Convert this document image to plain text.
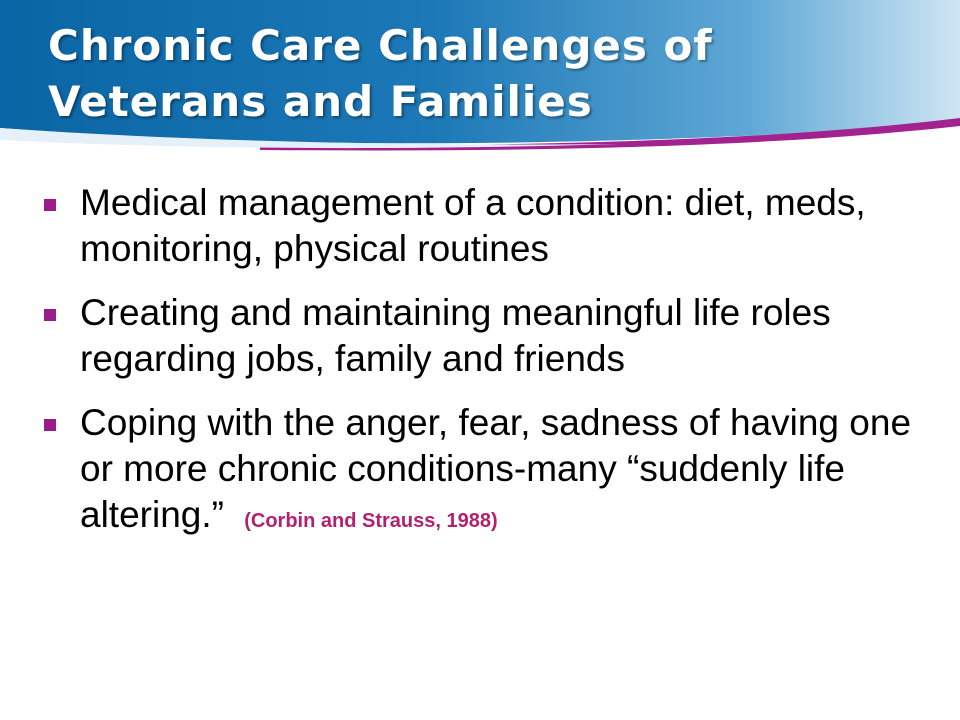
Chronic Care Challenges of Veterans and Families
Medical management of a condition: diet, meds, monitoring, physical routines
Creating and maintaining meaningful life roles regarding jobs, family and friends
Coping with the anger, fear, sadness of having one or more chronic conditions-many “suddenly life altering.” (Corbin and Strauss, 1988)
